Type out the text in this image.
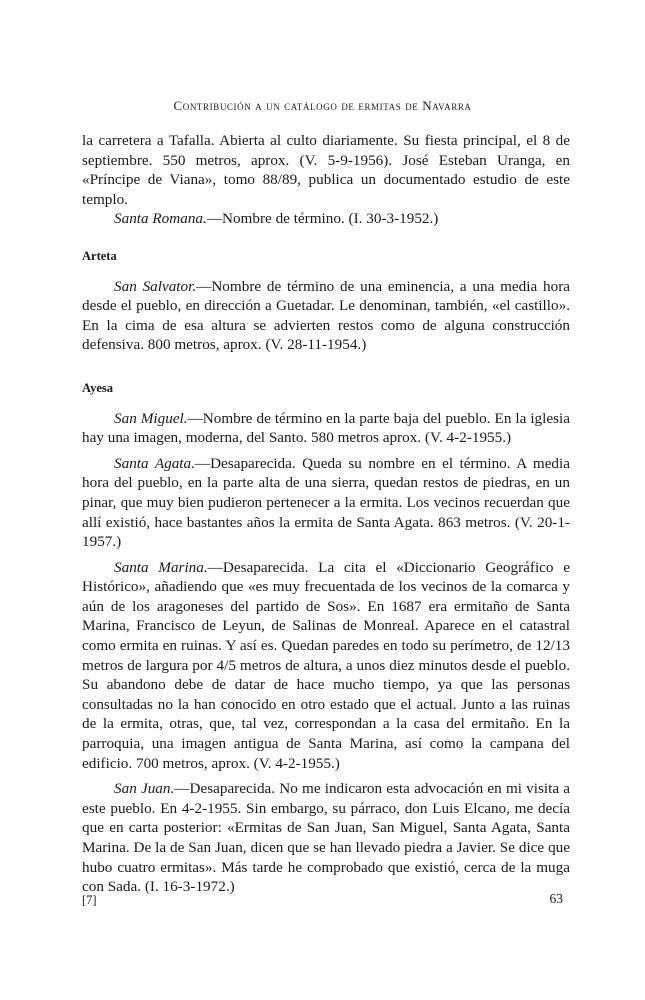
Contribución a un catálogo de ermitas de Navarra

la carretera a Tafalla. Abierta al culto diariamente. Su fiesta principal, el 8 de septiembre. 550 metros, aprox. (V. 5-9-1956). José Esteban Uranga, en «Príncipe de Viana», tomo 88/89, publica un documentado estudio de este templo.

Santa Romana.—Nombre de término. (I. 30-3-1952.)

Arteta

San Salvator.—Nombre de término de una eminencia, a una media hora desde el pueblo, en dirección a Guetadar. Le denominan, también, «el castillo». En la cima de esa altura se advierten restos como de alguna construcción defensiva. 800 metros, aprox. (V. 28-11-1954.)

Ayesa

San Miguel.—Nombre de término en la parte baja del pueblo. En la iglesia hay una imagen, moderna, del Santo. 580 metros aprox. (V. 4-2-1955.)

Santa Agata.—Desaparecida. Queda su nombre en el término. A media hora del pueblo, en la parte alta de una sierra, quedan restos de piedras, en un pinar, que muy bien pudieron pertenecer a la ermita. Los vecinos recuerdan que allí existió, hace bastantes años la ermita de Santa Agata. 863 metros. (V. 20-1-1957.)

Santa Marina.—Desaparecida. La cita el «Diccionario Geográfico e Histórico», añadiendo que «es muy frecuentada de los vecinos de la comarca y aún de los aragoneses del partido de Sos». En 1687 era ermitaño de Santa Marina, Francisco de Leyun, de Salinas de Monreal. Aparece en el catastral como ermita en ruinas. Y así es. Quedan paredes en todo su perímetro, de 12/13 metros de largura por 4/5 metros de altura, a unos diez minutos desde el pueblo. Su abandono debe de datar de hace mucho tiempo, ya que las personas consultadas no la han conocido en otro estado que el actual. Junto a las ruinas de la ermita, otras, que, tal vez, correspondan a la casa del ermitaño. En la parroquia, una imagen antigua de Santa Marina, así como la campana del edificio. 700 metros, aprox. (V. 4-2-1955.)

San Juan.—Desaparecida. No me indicaron esta advocación en mi visita a este pueblo. En 4-2-1955. Sin embargo, su párraco, don Luis Elcano, me decía que en carta posterior: «Ermitas de San Juan, San Miguel, Santa Agata, Santa Marina. De la de San Juan, dicen que se han llevado piedra a Javier. Se dice que hubo cuatro ermitas». Más tarde he comprobado que existió, cerca de la muga con Sada. (I. 16-3-1972.)

[7]	63
